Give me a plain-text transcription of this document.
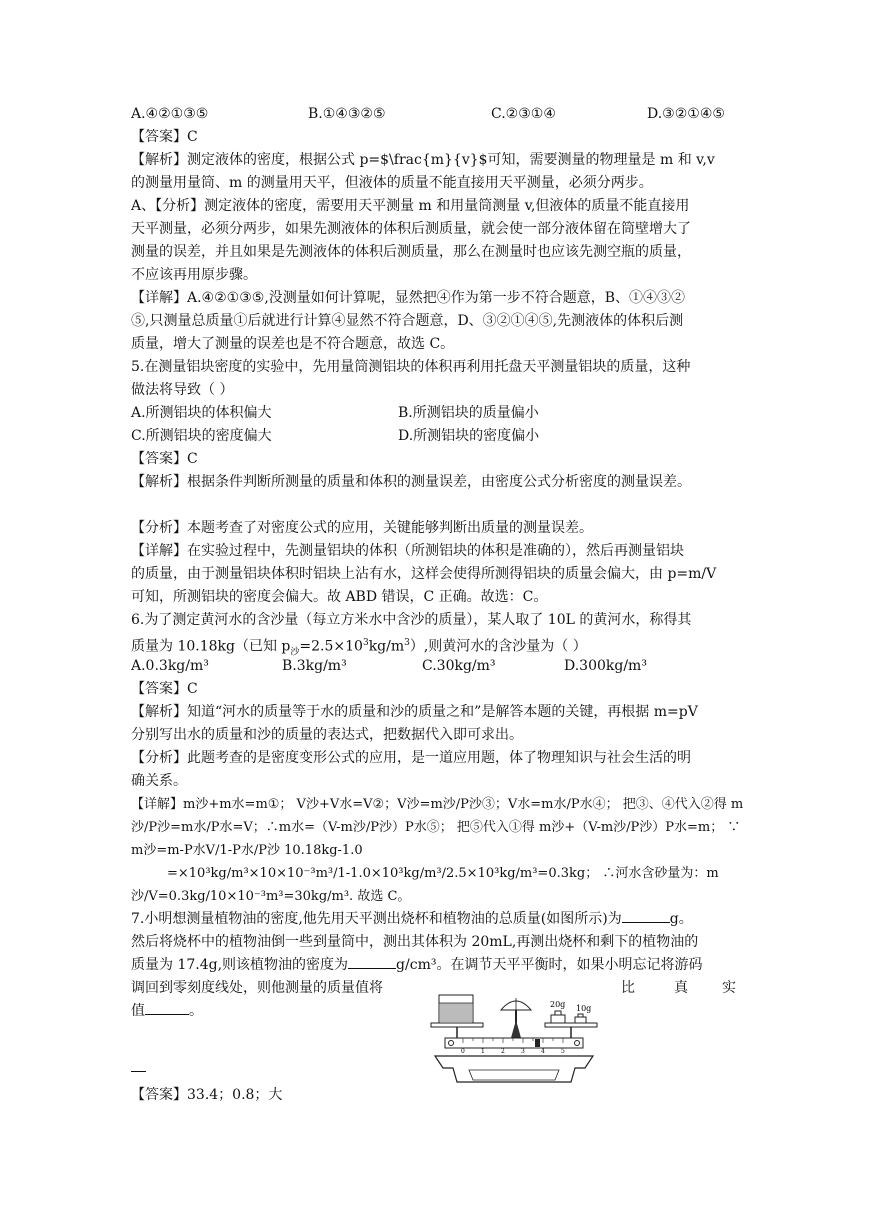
A.④②①③⑤	B.①④③②⑤	C.②③①④	D.③②①④⑤
【答案】C
【解析】测定液体的密度，根据公式 p=$\frac{m}{v}$可知，需要测量的物理量是 m 和 v,v
的测量用量筒、m 的测量用天平，但液体的质量不能直接用天平测量，必须分两步。
A、【分析】测定液体的密度，需要用天平测量 m 和用量筒测量 v,但液体的质量不能直接用
天平测量，必须分两步，如果先测液体的体积后测质量，就会使一部分液体留在筒壁增大了
测量的误差，并且如果是先测液体的体积后测质量，那么在测量时也应该先测空瓶的质量，
不应该再用原步骤。
【详解】A.④②①③⑤,没测量如何计算呢，显然把④作为第一步不符合题意，B、①④③②
⑤,只测量总质量①后就进行计算④显然不符合题意，D、③②①④⑤,先测液体的体积后测
质量，增大了测量的误差也是不符合题意，故选 C。
5.在测量铝块密度的实验中，先用量筒测铝块的体积再利用托盘天平测量铝块的质量，这种
做法将导致（ ）
A.所测铝块的体积偏大	B.所测铝块的质量偏小
C.所测铝块的密度偏大	D.所测铝块的密度偏小
【答案】C
【解析】根据条件判断所测量的质量和体积的测量误差，由密度公式分析密度的测量误差。
【分析】本题考查了对密度公式的应用，关键能够判断出质量的测量误差。
【详解】在实验过程中，先测量铝块的体积（所测铝块的体积是准确的），然后再测量铝块
的质量，由于测量铝块体积时铝块上沾有水，这样会使得所测得铝块的质量会偏大，由 p=m/V
可知，所测铝块的密度会偏大。故 ABD 错误，C 正确。故选：C。
6.为了测定黄河水的含沙量（每立方米水中含沙的质量），某人取了 10L 的黄河水，称得其
质量为 10.18kg（已知 $p_沙=2.5\times 10^3kg/m^3$）,则黄河水的含沙量为（ ）
A.0.3kg/m³	B.3kg/m³	C.30kg/m³	D.300kg/m³
【答案】C
【解析】知道“河水的质量等于水的质量和沙的质量之和”是解答本题的关键，再根据 m=pV
分别写出水的质量和沙的质量的表达式，把数据代入即可求出。
【分析】此题考查的是密度变形公式的应用，是一道应用题，体了物理知识与社会生活的明
确关系。
【详解】m沙+m水=m①； V沙+V水=V②；V沙=m沙/P沙③；V水=m水/P水④； 把③、④代入②得 m
沙/P沙=m水/P水=V；∴m水=（V-m沙/P沙）P水⑤； 把⑤代入①得 m沙+（V-m沙/P沙）P水=m； ∵
m沙=m-P水V/1-P水/P沙 10.18kg-1.0
=×10³kg/m³×10×10⁻³m³/1-1.0×10³kg/m³/2.5×10³kg/m³=0.3kg； ∴河水含砂量为：m
沙/V=0.3kg/10×10⁻³m³=30kg/m³. 故选 C。
7.小明想测量植物油的密度,他先用天平测出烧杯和植物油的总质量(如图所示)为	g。
然后将烧杯中的植物油倒一些到量筒中，测出其体积为 20mL,再测出烧杯和剩下的植物油的
质量为 17.4g,则该植物油的密度为	g/cm³。在调节天平平衡时，如果小明忘记将游码
调回到零刻度线处，则他测量的质量值将	比	真 实
值	。	20g 10g
0	1	2	3	4	5
【答案】33.4；0.8；大
